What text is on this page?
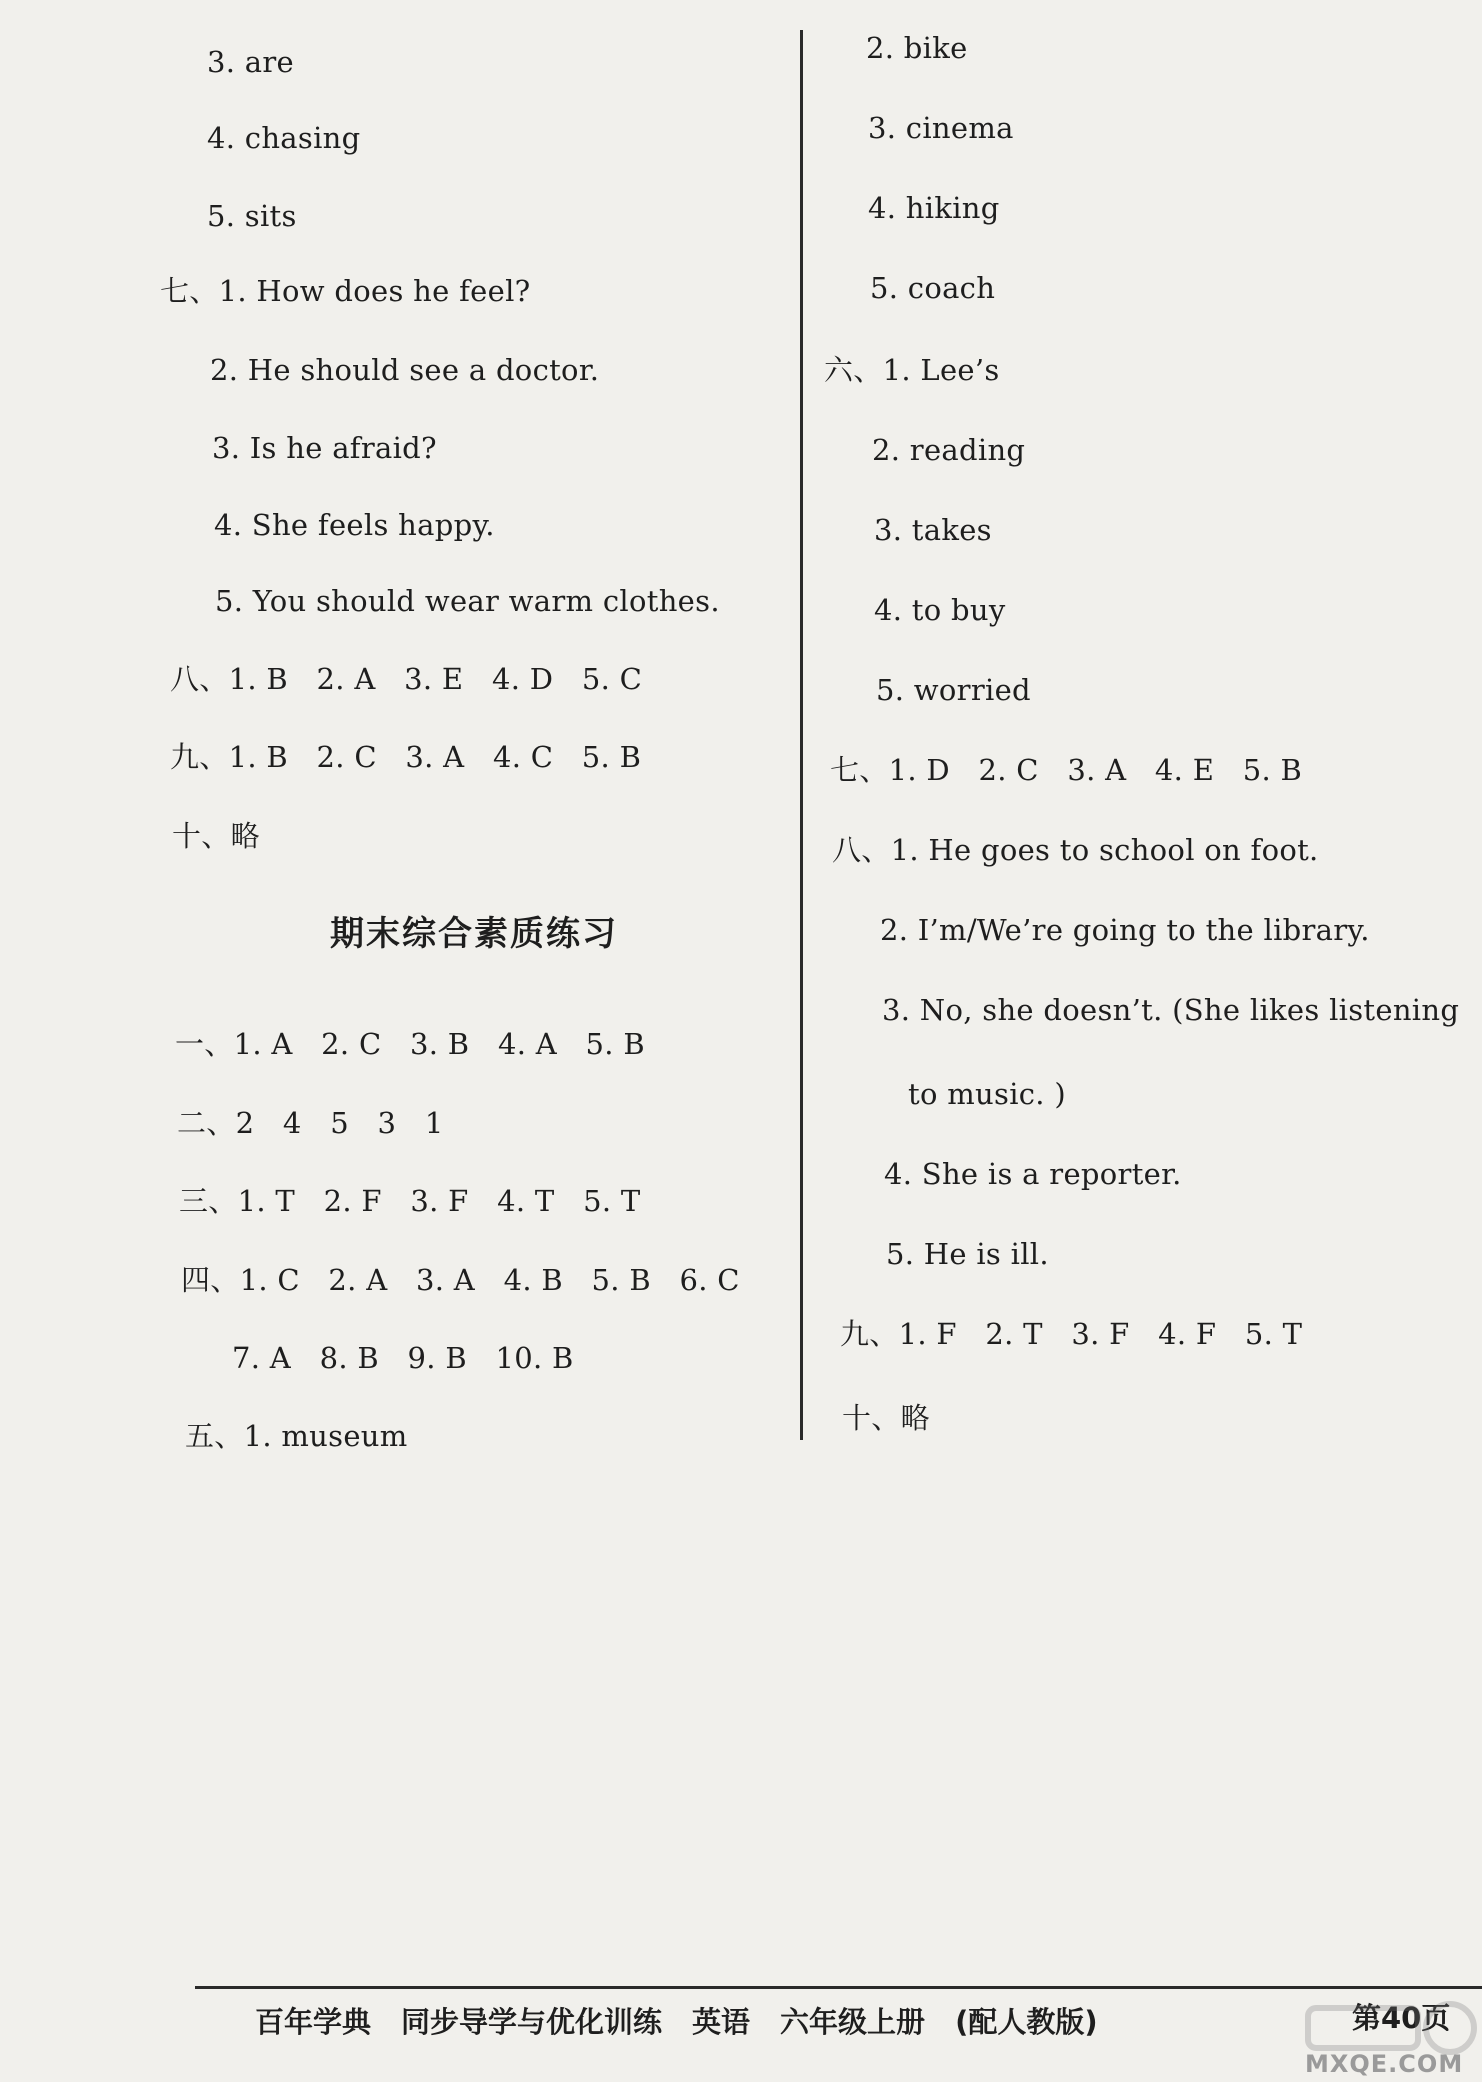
3. are
4. chasing
5. sits
七、1. How does he feel?
2. He should see a doctor.
3. Is he afraid?
4. She feels happy.
5. You should wear warm clothes.
八、1. B   2. A   3. E   4. D   5. C
九、1. B   2. C   3. A   4. C   5. B
十、略
一、1. A   2. C   3. B   4. A   5. B
二、2   4   5   3   1
三、1. T   2. F   3. F   4. T   5. T
四、1. C   2. A   3. A   4. B   5. B   6. C
7. A   8. B   9. B   10. B
五、1. museum
期末综合素质练习
2. bike
3. cinema
4. hiking
5. coach
六、1. Lee’s
2. reading
3. takes
4. to buy
5. worried
七、1. D   2. C   3. A   4. E   5. B
八、1. He goes to school on foot.
2. I’m/We’re going to the library.
3. No, she doesn’t. (She likes listening
to music. )
4. She is a reporter.
5. He is ill.
九、1. F   2. T   3. F   4. F   5. T
十、略
百年学典 同步导学与优化训练 英语 六年级上册 (配人教版)	第40页
MXQE.COM
